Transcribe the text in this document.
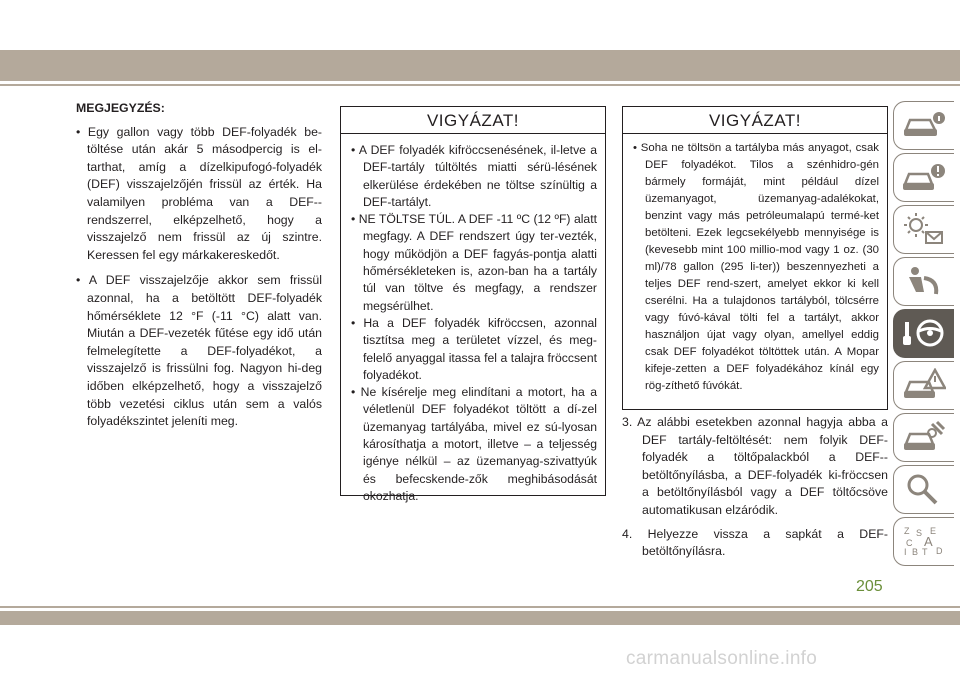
MEGJEGYZÉS:

• Egy gallon vagy több DEF-folyadék be-töltése után akár 5 másodpercig is el-tarthat, amíg a dízelkipufogó-folyadék (DEF) visszajelzőjén frissül az érték. Ha valamilyen probléma van a DEF--rendszerrel, elképzelhető, hogy a visszajelző nem frissül az új szintre. Keressen fel egy márkakereskedőt.

• A DEF visszajelzője akkor sem frissül azonnal, ha a betöltött DEF-folyadék hőmérséklete 12 °F (-11 °C) alatt van. Miután a DEF-vezeték fűtése egy idő után felmelegítette a DEF-folyadékot, a visszajelző is frissülni fog. Nagyon hi-deg időben elképzelhető, hogy a visszajelző több vezetési ciklus után sem a valós folyadékszintet jeleníti meg.

VIGYÁZAT!

• A DEF folyadék kifröccsenésének, il-letve a DEF-tartály túltöltés miatti sérü-lésének elkerülése érdekében ne töltse színültig a DEF-tartályt.

• NE TÖLTSE TÚL. A DEF -11 ºC (12 ºF) alatt megfagy. A DEF rendszert úgy ter-vezték, hogy működjön a DEF fagyás-pontja alatti hőmérsékleteken is, azon-ban ha a tartály túl van töltve és megfagy, a rendszer megsérülhet.

• Ha a DEF folyadék kifröccsen, azonnal tisztítsa meg a területet vízzel, és meg-felelő anyaggal itassa fel a talajra fröccsent folyadékot.

• Ne kísérelje meg elindítani a motort, ha a véletlenül DEF folyadékot töltött a dí-zel üzemanyag tartályába, mivel ez sú-lyosan károsíthatja a motort, illetve – a teljesség igénye nélkül – az üzemanyag-szivattyúk és befecskende-zők meghibásodását okozhatja.

VIGYÁZAT!

• Soha ne töltsön a tartályba más anyagot, csak DEF folyadékot. Tilos a szénhidro-gén bármely formáját, mint például dízel üzemanyagot, üzemanyag-adalékokat, benzint vagy más petróleumalapú termé-ket betölteni. Ezek legcsekélyebb mennyisége is (kevesebb mint 100 millio-mod vagy 1 oz. (30 ml)/78 gallon (295 li-ter)) beszennyezheti a teljes DEF rend-szert, amelyet ekkor ki kell cserélni. Ha a tulajdonos tartályból, tölcsérre vagy fúvó-kával tölti fel a tartályt, akkor használjon újat vagy olyan, amellyel eddig csak DEF folyadékot töltöttek után. A Mopar kifeje-zetten a DEF folyadékához kínál egy rög-zíthető fúvókát.

3. Az alábbi esetekben azonnal hagyja abba a DEF tartály-feltöltését: nem folyik DEF-folyadék a töltőpalackból a DEF--betöltőnyílásba, a DEF-folyadék ki-fröccsen a betöltőnyílásból vagy a DEF töltőcsöve automatikusan elzáródik.

4. Helyezze vissza a sapkát a DEF-betöltőnyílásra.

Z S E
C A
B D
I T
205
carmanualsonline.info
